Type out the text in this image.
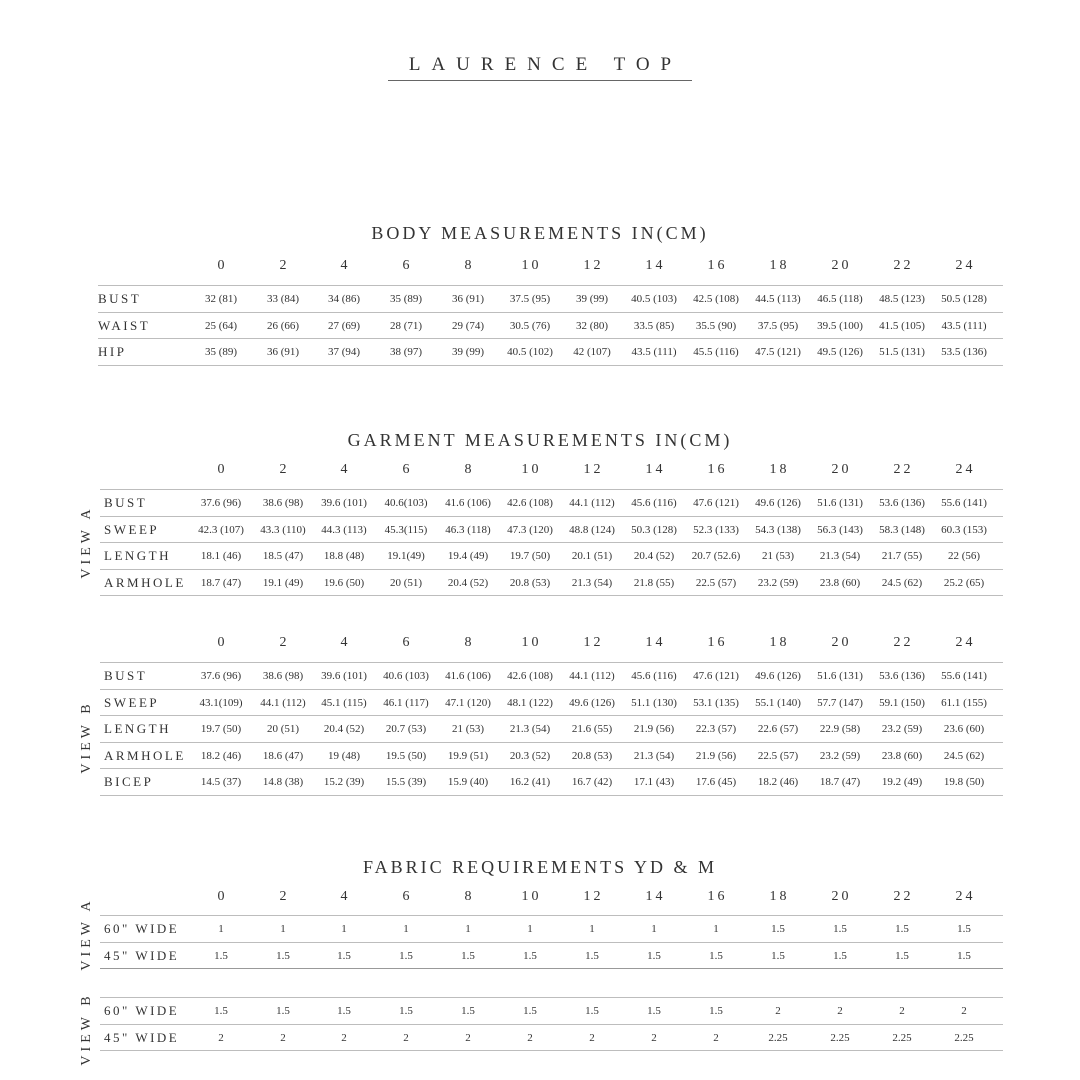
LAURENCE TOP
BODY MEASUREMENTS IN(CM)
0	2	4	6	8	10	12	14	16	18	20	22	24
BUST	32 (81)	33 (84)	34 (86)	35 (89)	36 (91)	37.5 (95)	39 (99)	40.5 (103)	42.5 (108)	44.5 (113)	46.5 (118)	48.5 (123)	50.5 (128)
WAIST	25 (64)	26 (66)	27 (69)	28 (71)	29 (74)	30.5 (76)	32 (80)	33.5 (85)	35.5 (90)	37.5 (95)	39.5 (100)	41.5 (105)	43.5 (111)
HIP	35 (89)	36 (91)	37 (94)	38 (97)	39 (99)	40.5 (102)	42 (107)	43.5 (111)	45.5 (116)	47.5 (121)	49.5 (126)	51.5 (131)	53.5 (136)
GARMENT MEASUREMENTS IN(CM)
0	2	4	6	8	10	12	14	16	18	20	22	24
BUST	37.6 (96)	38.6 (98)	39.6 (101)	40.6(103)	41.6 (106)	42.6 (108)	44.1 (112)	45.6 (116)	47.6 (121)	49.6 (126)	51.6 (131)	53.6 (136)	55.6 (141)
SWEEP	42.3 (107)	43.3 (110)	44.3 (113)	45.3(115)	46.3 (118)	47.3 (120)	48.8 (124)	50.3 (128)	52.3 (133)	54.3 (138)	56.3 (143)	58.3 (148)	60.3 (153)
LENGTH	18.1 (46)	18.5 (47)	18.8 (48)	19.1(49)	19.4 (49)	19.7 (50)	20.1 (51)	20.4 (52)	20.7 (52.6)	21 (53)	21.3 (54)	21.7 (55)	22 (56)
ARMHOLE	18.7 (47)	19.1 (49)	19.6 (50)	20 (51)	20.4 (52)	20.8 (53)	21.3 (54)	21.8 (55)	22.5 (57)	23.2 (59)	23.8 (60)	24.5 (62)	25.2 (65)
VIEW A
0	2	4	6	8	10	12	14	16	18	20	22	24
BUST	37.6 (96)	38.6 (98)	39.6 (101)	40.6 (103)	41.6 (106)	42.6 (108)	44.1 (112)	45.6 (116)	47.6 (121)	49.6 (126)	51.6 (131)	53.6 (136)	55.6 (141)
SWEEP	43.1(109)	44.1 (112)	45.1 (115)	46.1 (117)	47.1 (120)	48.1 (122)	49.6 (126)	51.1 (130)	53.1 (135)	55.1 (140)	57.7 (147)	59.1 (150)	61.1 (155)
LENGTH	19.7 (50)	20 (51)	20.4 (52)	20.7 (53)	21 (53)	21.3 (54)	21.6 (55)	21.9 (56)	22.3 (57)	22.6 (57)	22.9 (58)	23.2 (59)	23.6 (60)
ARMHOLE	18.2 (46)	18.6 (47)	19 (48)	19.5 (50)	19.9 (51)	20.3 (52)	20.8 (53)	21.3 (54)	21.9 (56)	22.5 (57)	23.2 (59)	23.8 (60)	24.5 (62)
BICEP	14.5 (37)	14.8 (38)	15.2 (39)	15.5 (39)	15.9 (40)	16.2 (41)	16.7 (42)	17.1 (43)	17.6 (45)	18.2 (46)	18.7 (47)	19.2 (49)	19.8 (50)
VIEW B
FABRIC REQUIREMENTS YD & M
0	2	4	6	8	10	12	14	16	18	20	22	24
60" WIDE	1	1	1	1	1	1	1	1	1	1.5	1.5	1.5	1.5
45" WIDE	1.5	1.5	1.5	1.5	1.5	1.5	1.5	1.5	1.5	1.5	1.5	1.5	1.5
60" WIDE	1.5	1.5	1.5	1.5	1.5	1.5	1.5	1.5	1.5	2	2	2	2
45" WIDE	2	2	2	2	2	2	2	2	2	2.25	2.25	2.25	2.25
VIEW A
VIEW B
